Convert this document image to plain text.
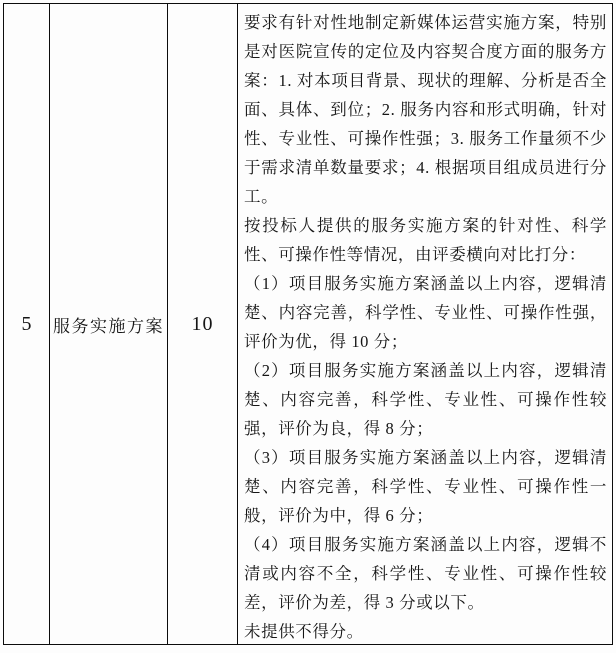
5 服务实施方案 10

要求有针对性地制定新媒体运营实施方案，特别是对医院宣传的定位及内容契合度方面的服务方案：1. 对本项目背景、现状的理解、分析是否全面、具体、到位；2. 服务内容和形式明确，针对性、专业性、可操作性强；3. 服务工作量须不少于需求清单数量要求；4. 根据项目组成员进行分工。

按投标人提供的服务实施方案的针对性、科学性、可操作性等情况，由评委横向对比打分：

（1）项目服务实施方案涵盖以上内容，逻辑清楚、内容完善，科学性、专业性、可操作性强，评价为优，得 10 分；

（2）项目服务实施方案涵盖以上内容，逻辑清楚、内容完善，科学性、专业性、可操作性较强，评价为良，得 8 分；

（3）项目服务实施方案涵盖以上内容，逻辑清楚、内容完善，科学性、专业性、可操作性一般，评价为中，得 6 分；

（4）项目服务实施方案涵盖以上内容，逻辑不清或内容不全，科学性、专业性、可操作性较差，评价为差，得 3 分或以下。

未提供不得分。
